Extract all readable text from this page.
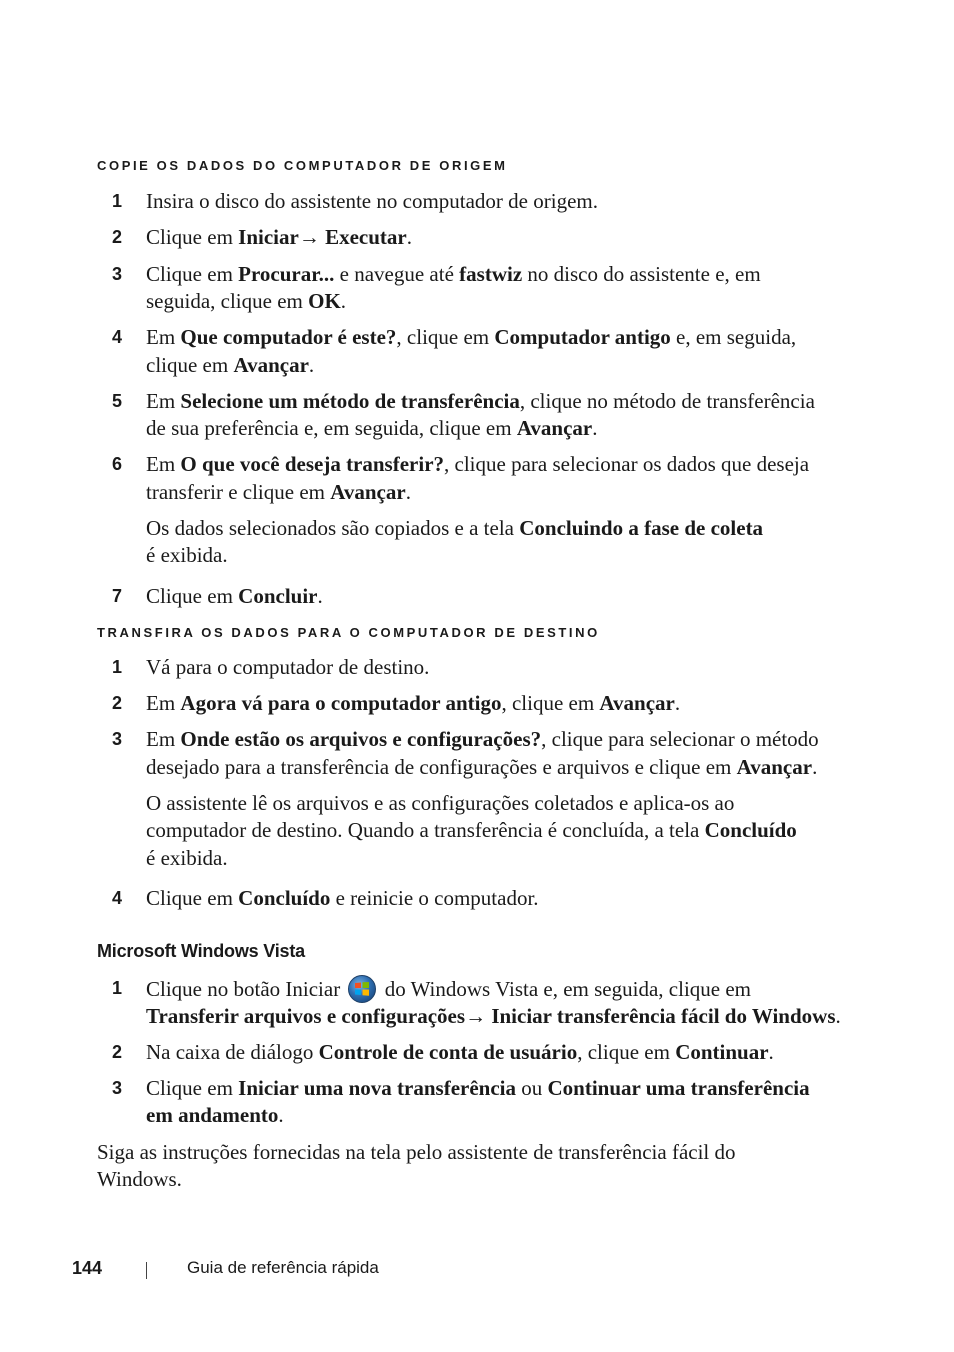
COPIE OS DADOS DO COMPUTADOR DE ORIGEM
1	Insira o disco do assistente no computador de origem.
2	Clique em Iniciar→ Executar.
3	Clique em Procurar... e navegue até fastwiz no disco do assistente e, em
seguida, clique em OK.
4	Em Que computador é este?, clique em Computador antigo e, em seguida,
clique em Avançar.
5	Em Selecione um método de transferência, clique no método de transferência
de sua preferência e, em seguida, clique em Avançar.
6	Em O que você deseja transferir?, clique para selecionar os dados que deseja
transferir e clique em Avançar.
Os dados selecionados são copiados e a tela Concluindo a fase de coleta
é exibida.
7	Clique em Concluir.
TRANSFIRA OS DADOS PARA O COMPUTADOR DE DESTINO
1	Vá para o computador de destino.
2	Em Agora vá para o computador antigo, clique em Avançar.
3	Em Onde estão os arquivos e configurações?, clique para selecionar o método
desejado para a transferência de configurações e arquivos e clique em Avançar.
O assistente lê os arquivos e as configurações coletados e aplica-os ao
computador de destino. Quando a transferência é concluída, a tela Concluído
é exibida.
4	Clique em Concluído e reinicie o computador.
Microsoft Windows Vista
1	Clique no botão Iniciar do Windows Vista e, em seguida, clique em
Transferir arquivos e configurações→ Iniciar transferência fácil do Windows.
2	Na caixa de diálogo Controle de conta de usuário, clique em Continuar.
3	Clique em Iniciar uma nova transferência ou Continuar uma transferência
em andamento.
Siga as instruções fornecidas na tela pelo assistente de transferência fácil do
Windows.
144	Guia de referência rápida
